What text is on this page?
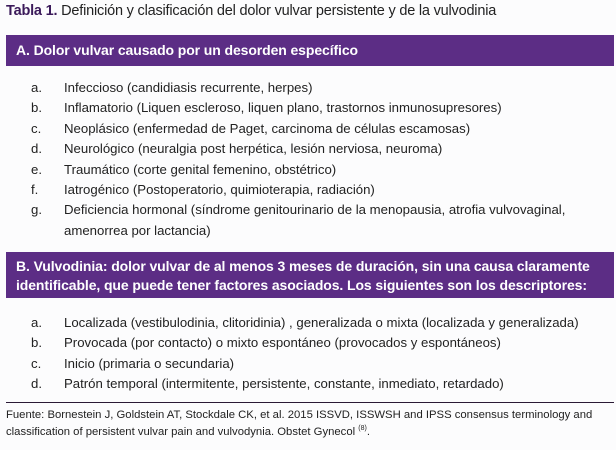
Tabla 1. Definición y clasificación del dolor vulvar persistente y de la vulvodinia
A. Dolor vulvar causado por un desorden específico
a. Infeccioso (candidiasis recurrente, herpes)
b. Inflamatorio (Liquen escleroso, liquen plano, trastornos inmunosupresores)
c. Neoplásico (enfermedad de Paget, carcinoma de células escamosas)
d. Neurológico (neuralgia post herpética, lesión nerviosa, neuroma)
e. Traumático (corte genital femenino, obstétrico)
f. Iatrogénico (Postoperatorio, quimioterapia, radiación)
g. Deficiencia hormonal (síndrome genitourinario de la menopausia, atrofia vulvovaginal, amenorrea por lactancia)
B. Vulvodinia: dolor vulvar de al menos 3 meses de duración, sin una causa claramente identificable, que puede tener factores asociados. Los siguientes son los descriptores:
a. Localizada (vestibulodinia, clitoridinia) , generalizada o mixta (localizada y generalizada)
b. Provocada (por contacto) o mixto espontáneo (provocados y espontáneos)
c. Inicio (primaria o secundaria)
d. Patrón temporal (intermitente, persistente, constante, inmediato, retardado)
Fuente: Bornestein J, Goldstein AT, Stockdale CK, et al. 2015 ISSVD, ISSWSH and IPSS consensus terminology and classification of persistent vulvar pain and vulvodynia. Obstet Gynecol $^{(8)}$.
